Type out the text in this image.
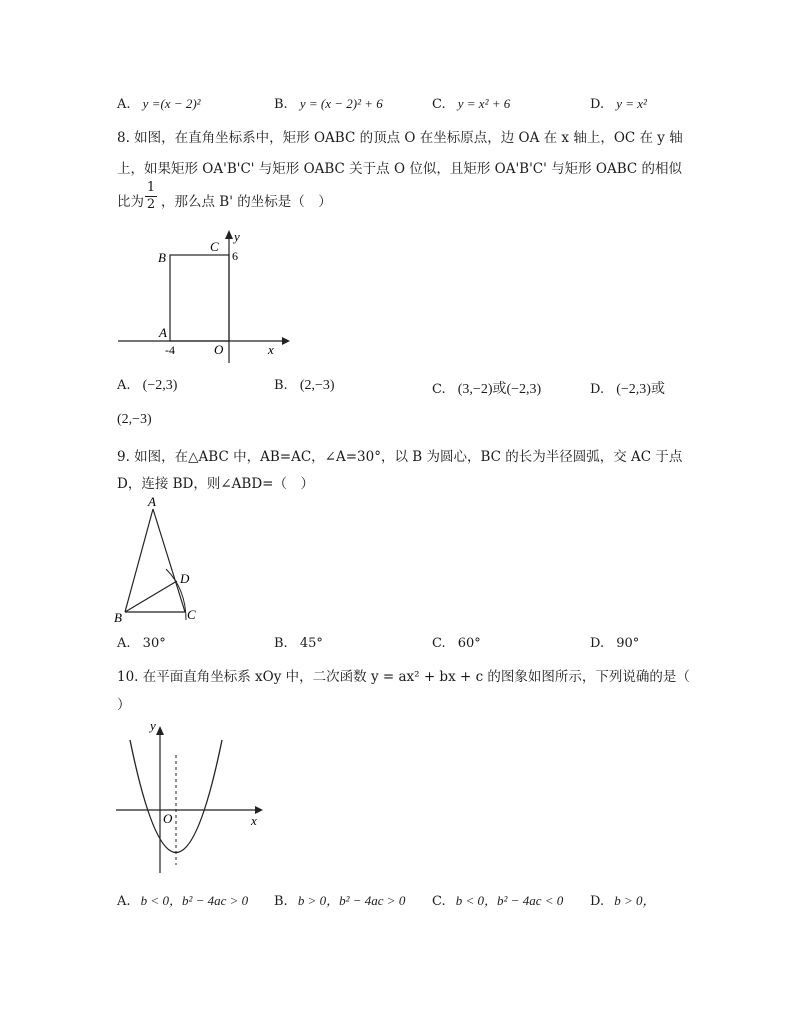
A. y =(x − 2)²	B. y = (x − 2)² + 6	C. y = x² + 6	D. y = x²
8. 如图，在直角坐标系中，矩形 OABC 的顶点 O 在坐标原点，边 OA 在 x 轴上，OC 在 y 轴
上，如果矩形 OA'B'C' 与矩形 OABC 关于点 O 位似，且矩形 OA'B'C' 与矩形 OABC 的相似
比为 $\frac{1}{2}$ ，那么点 B' 的坐标是（　）
B
C
y
6
A
-4	O	x
A. (−2,3)	B. (2,−3)	C. (3,−2)或(−2,3)	D. (−2,3)或
(2,−3)
9. 如图，在△ABC 中，AB=AC，∠A=30°，以 B 为圆心，BC 的长为半径圆弧，交 AC 于点
D，连接 BD，则∠ABD=（　）
A
D
B	C
A. 30°	B. 45°	C. 60°	D. 90°
10. 在平面直角坐标系 xOy 中，二次函数 y = ax² + bx + c 的图象如图所示，下列说确的是（
）
y
O	x
A. b < 0，b² − 4ac > 0 B. b > 0，b² − 4ac > 0 C. b < 0，b² − 4ac < 0 D. b > 0，
